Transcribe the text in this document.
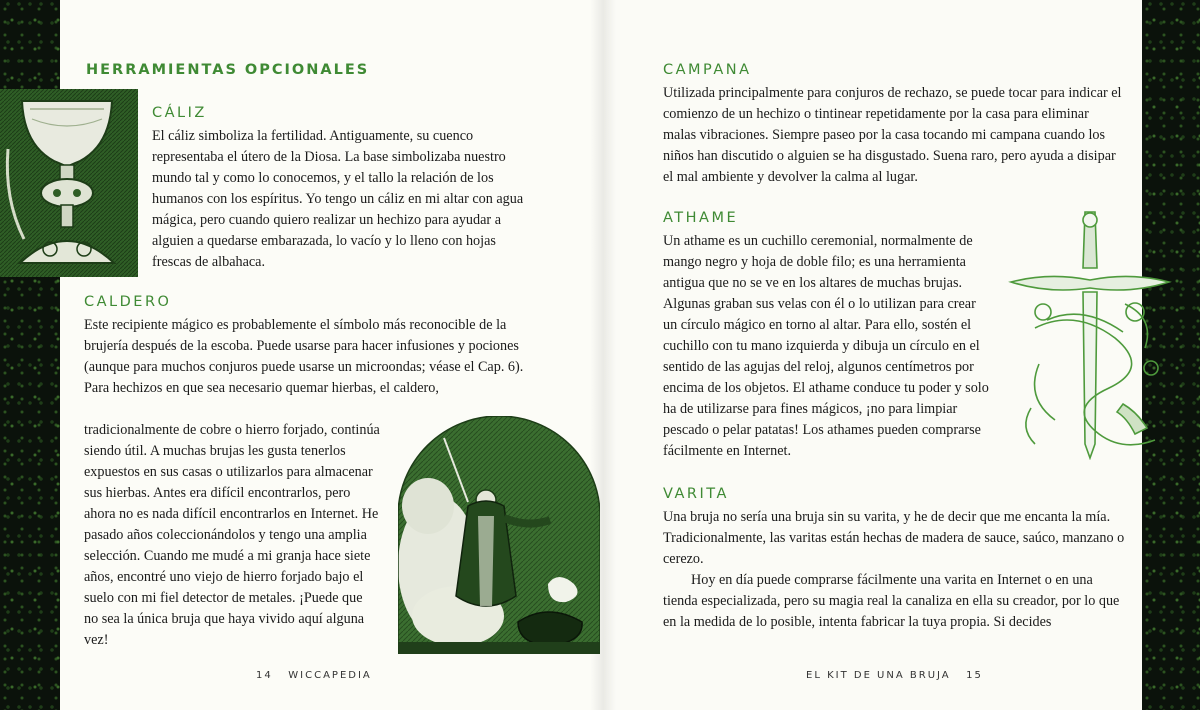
HERRAMIENTAS OPCIONALES
CÁLIZ

El cáliz simboliza la fertilidad. Antiguamente, su cuenco representaba el útero de la Diosa. La base simbolizaba nuestro mundo tal y como lo conocemos, y el tallo la relación de los humanos con los espíritus. Yo tengo un cáliz en mi altar con agua mágica, pero cuando quiero realizar un hechizo para ayudar a alguien a quedarse embarazada, lo vacío y lo lleno con hojas frescas de albahaca.

CALDERO

Este recipiente mágico es probablemente el símbolo más reconocible de la brujería después de la escoba. Puede usarse para hacer infusiones y pociones (aunque para muchos conjuros puede usarse un microondas; véase el Cap. 6). Para hechizos en que sea necesario quemar hierbas, el caldero,

tradicionalmente de cobre o hierro forjado, continúa siendo útil. A muchas brujas les gusta tenerlos expuestos en sus casas o utilizarlos para almacenar sus hierbas. Antes era difícil encontrarlos, pero ahora no es nada difícil encontrarlos en Internet. He pasado años coleccionándolos y tengo una amplia selección. Cuando me mudé a mi granja hace siete años, encontré uno viejo de hierro forjado bajo el suelo con mi fiel detector de metales. ¡Puede que no sea la única bruja que haya vivido aquí alguna vez!

14 WICCAPEDIA
CAMPANA

Utilizada principalmente para conjuros de rechazo, se puede tocar para indicar el comienzo de un hechizo o tintinear repetidamente por la casa para eliminar malas vibraciones. Siempre paseo por la casa tocando mi campana cuando los niños han discutido o alguien se ha disgustado. Suena raro, pero ayuda a disipar el mal ambiente y devolver la calma al lugar.

ATHAME

Un athame es un cuchillo ceremonial, normalmente de mango negro y hoja de doble filo; es una herramienta antigua que no se ve en los altares de muchas brujas. Algunas graban sus velas con él o lo utilizan para crear un círculo mágico en torno al altar. Para ello, sostén el cuchillo con tu mano izquierda y dibuja un círculo en el sentido de las agujas del reloj, algunos centímetros por encima de los objetos. El athame conduce tu poder y solo ha de utilizarse para fines mágicos, ¡no para limpiar pescado o pelar patatas! Los athames pueden comprarse fácilmente en Internet.

VARITA

Una bruja no sería una bruja sin su varita, y he de decir que me encanta la mía. Tradicionalmente, las varitas están hechas de madera de sauce, saúco, manzano o cerezo.

Hoy en día puede comprarse fácilmente una varita en Internet o en una tienda especializada, pero su magia real la canaliza en ella su creador, por lo que en la medida de lo posible, intenta fabricar la tuya propia. Si decides

EL KIT DE UNA BRUJA 15
